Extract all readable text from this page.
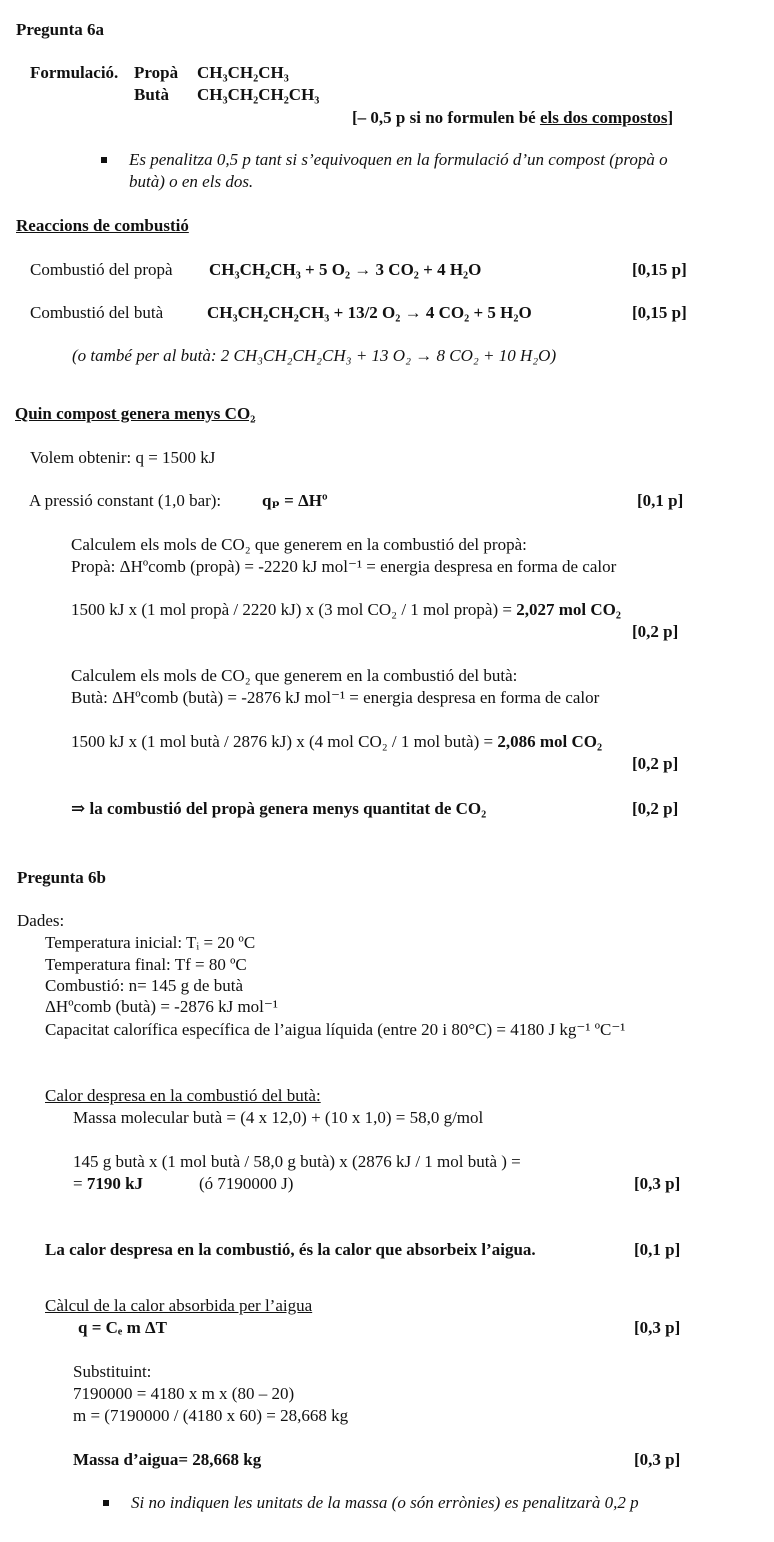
Pregunta 6a
Formulació. Propà CH₃CH₂CH₃
Butà CH₃CH₂CH₂CH₃
[– 0,5 p si no formulen bé els dos compostos]
Es penalitza 0,5 p tant si s’equivoquen en la formulació d’un compost (propà o
butà) o en els dos.
Reaccions de combustió
Combustió del propà CH₃CH₂CH₃ + 5 O₂ → 3 CO₂ + 4 H₂O	[0,15 p]
Combustió del butà	CH₃CH₂CH₂CH₃ + 13/2 O₂ → 4 CO₂ + 5 H₂O	[0,15 p]
(o també per al butà: 2 CH₃CH₂CH₂CH₃ + 13 O₂ → 8 CO₂ + 10 H₂O)
Quin compost genera menys CO₂
Volem obtenir: q = 1500 kJ
A pressió constant (1,0 bar): qₚ = ΔHº	[0,1 p]
Calculem els mols de CO₂ que generem en la combustió del propà:
Propà: ΔHºcomb (propà) = -2220 kJ mol⁻¹ = energia despresa en forma de calor
1500 kJ x (1 mol propà / 2220 kJ) x (3 mol CO₂ / 1 mol propà) = 2,027 mol CO₂
[0,2 p]
Calculem els mols de CO₂ que generem en la combustió del butà:
Butà: ΔHºcomb (butà) = -2876 kJ mol⁻¹ = energia despresa en forma de calor
1500 kJ x (1 mol butà / 2876 kJ) x (4 mol CO₂ / 1 mol butà) = 2,086 mol CO₂
[0,2 p]
⇒ la combustió del propà genera menys quantitat de CO₂	[0,2 p]
Pregunta 6b
Dades:
Temperatura inicial: Tᵢ = 20 ºC
Temperatura final: Tf = 80 ºC
Combustió: n= 145 g de butà
ΔHºcomb (butà) = -2876 kJ mol⁻¹
Capacitat calorífica específica de l’aigua líquida (entre 20 i 80°C) = 4180 J kg⁻¹ ºC⁻¹
Calor despresa en la combustió del butà:
Massa molecular butà = (4 x 12,0) + (10 x 1,0) = 58,0 g/mol
145 g butà x (1 mol butà / 58,0 g butà) x (2876 kJ / 1 mol butà ) =
= 7190 kJ	(ó 7190000 J)	[0,3 p]
La calor despresa en la combustió, és la calor que absorbeix l’aigua.	[0,1 p]
Càlcul de la calor absorbida per l’aigua
q = Cₑ m ΔT	[0,3 p]
Substituint:
7190000 = 4180 x m x (80 – 20)
m = (7190000 / (4180 x 60) = 28,668 kg
Massa d’aigua= 28,668 kg	[0,3 p]
Si no indiquen les unitats de la massa (o són errònies) es penalitzarà 0,2 p
